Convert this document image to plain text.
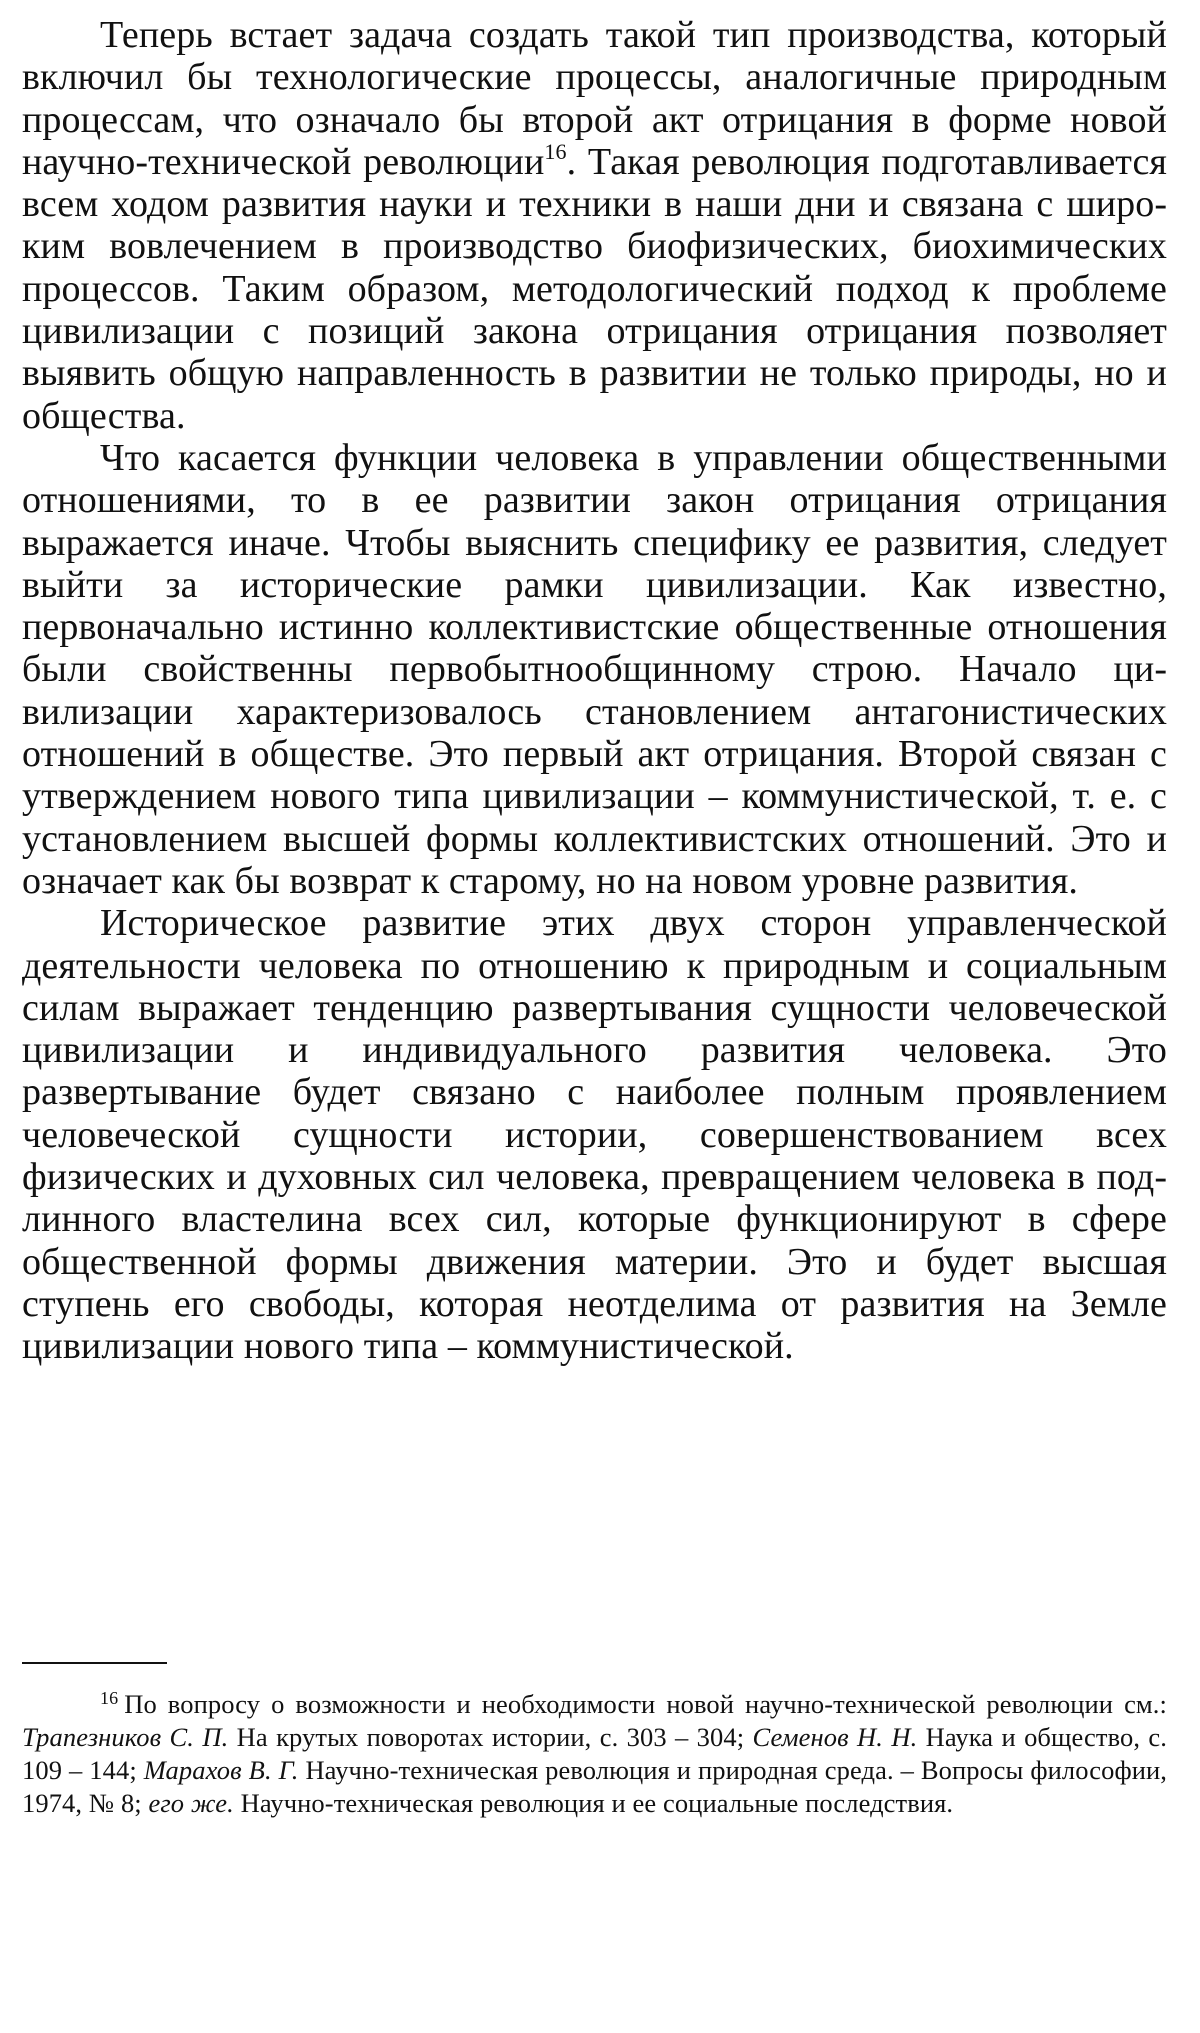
Теперь встает задача создать такой тип производства, который включил бы технологические процессы, аналогичные природным процессам, что означало бы второй акт отрицания в форме новой научно-технической революции$^{16}$. Такая революция подготавливается всем ходом развития науки и техники в наши дни и связана с широким вовлечением в производство биофизических, биохимических процессов. Таким образом, методологический подход к проблеме цивилизации с позиций закона отрицания отрицания позволяет выявить общую направленность в развитии не только природы, но и общества.

Что касается функции человека в управлении общественными отношениями, то в ее развитии закон отрицания отрицания выражается иначе. Чтобы выяснить специфику ее развития, следует выйти за исторические рамки цивилизации. Как известно, первоначально истинно коллективистские общественные отношения были свойственны первобытнообщинному строю. Начало цивилизации характеризовалось становлением антагонистических отношений в обществе. Это первый акт отрицания. Второй связан с утверждением нового типа цивилизации – коммунистической, т. е. с установлением высшей формы коллективистских отношений. Это и означает как бы возврат к старому, но на новом уровне развития.

Историческое развитие этих двух сторон управленческой деятельности человека по отношению к природным и социальным силам выражает тенденцию развертывания сущности человеческой цивилизации и индивидуального развития человека. Это развертывание будет связано с наиболее полным проявлением человеческой сущности истории, совершенствованием всех физических и духовных сил человека, превращением человека в подлинного властелина всех сил, которые функционируют в сфере общественной формы движения материи. Это и будет высшая ступень его свободы, которая неотделима от развития на Земле цивилизации нового типа – коммунистической.

$^{16}$ По вопросу о возможности и необходимости новой научно-технической революции см.: Трапезников С. П. На крутых поворотах истории, с. 303 – 304; Семенов Н. Н. Наука и общество, с. 109 – 144; Марахов В. Г. Научно-техническая революция и природная среда. – Вопросы философии, 1974, № 8; его же. Научно-техническая революция и ее социальные последствия.
